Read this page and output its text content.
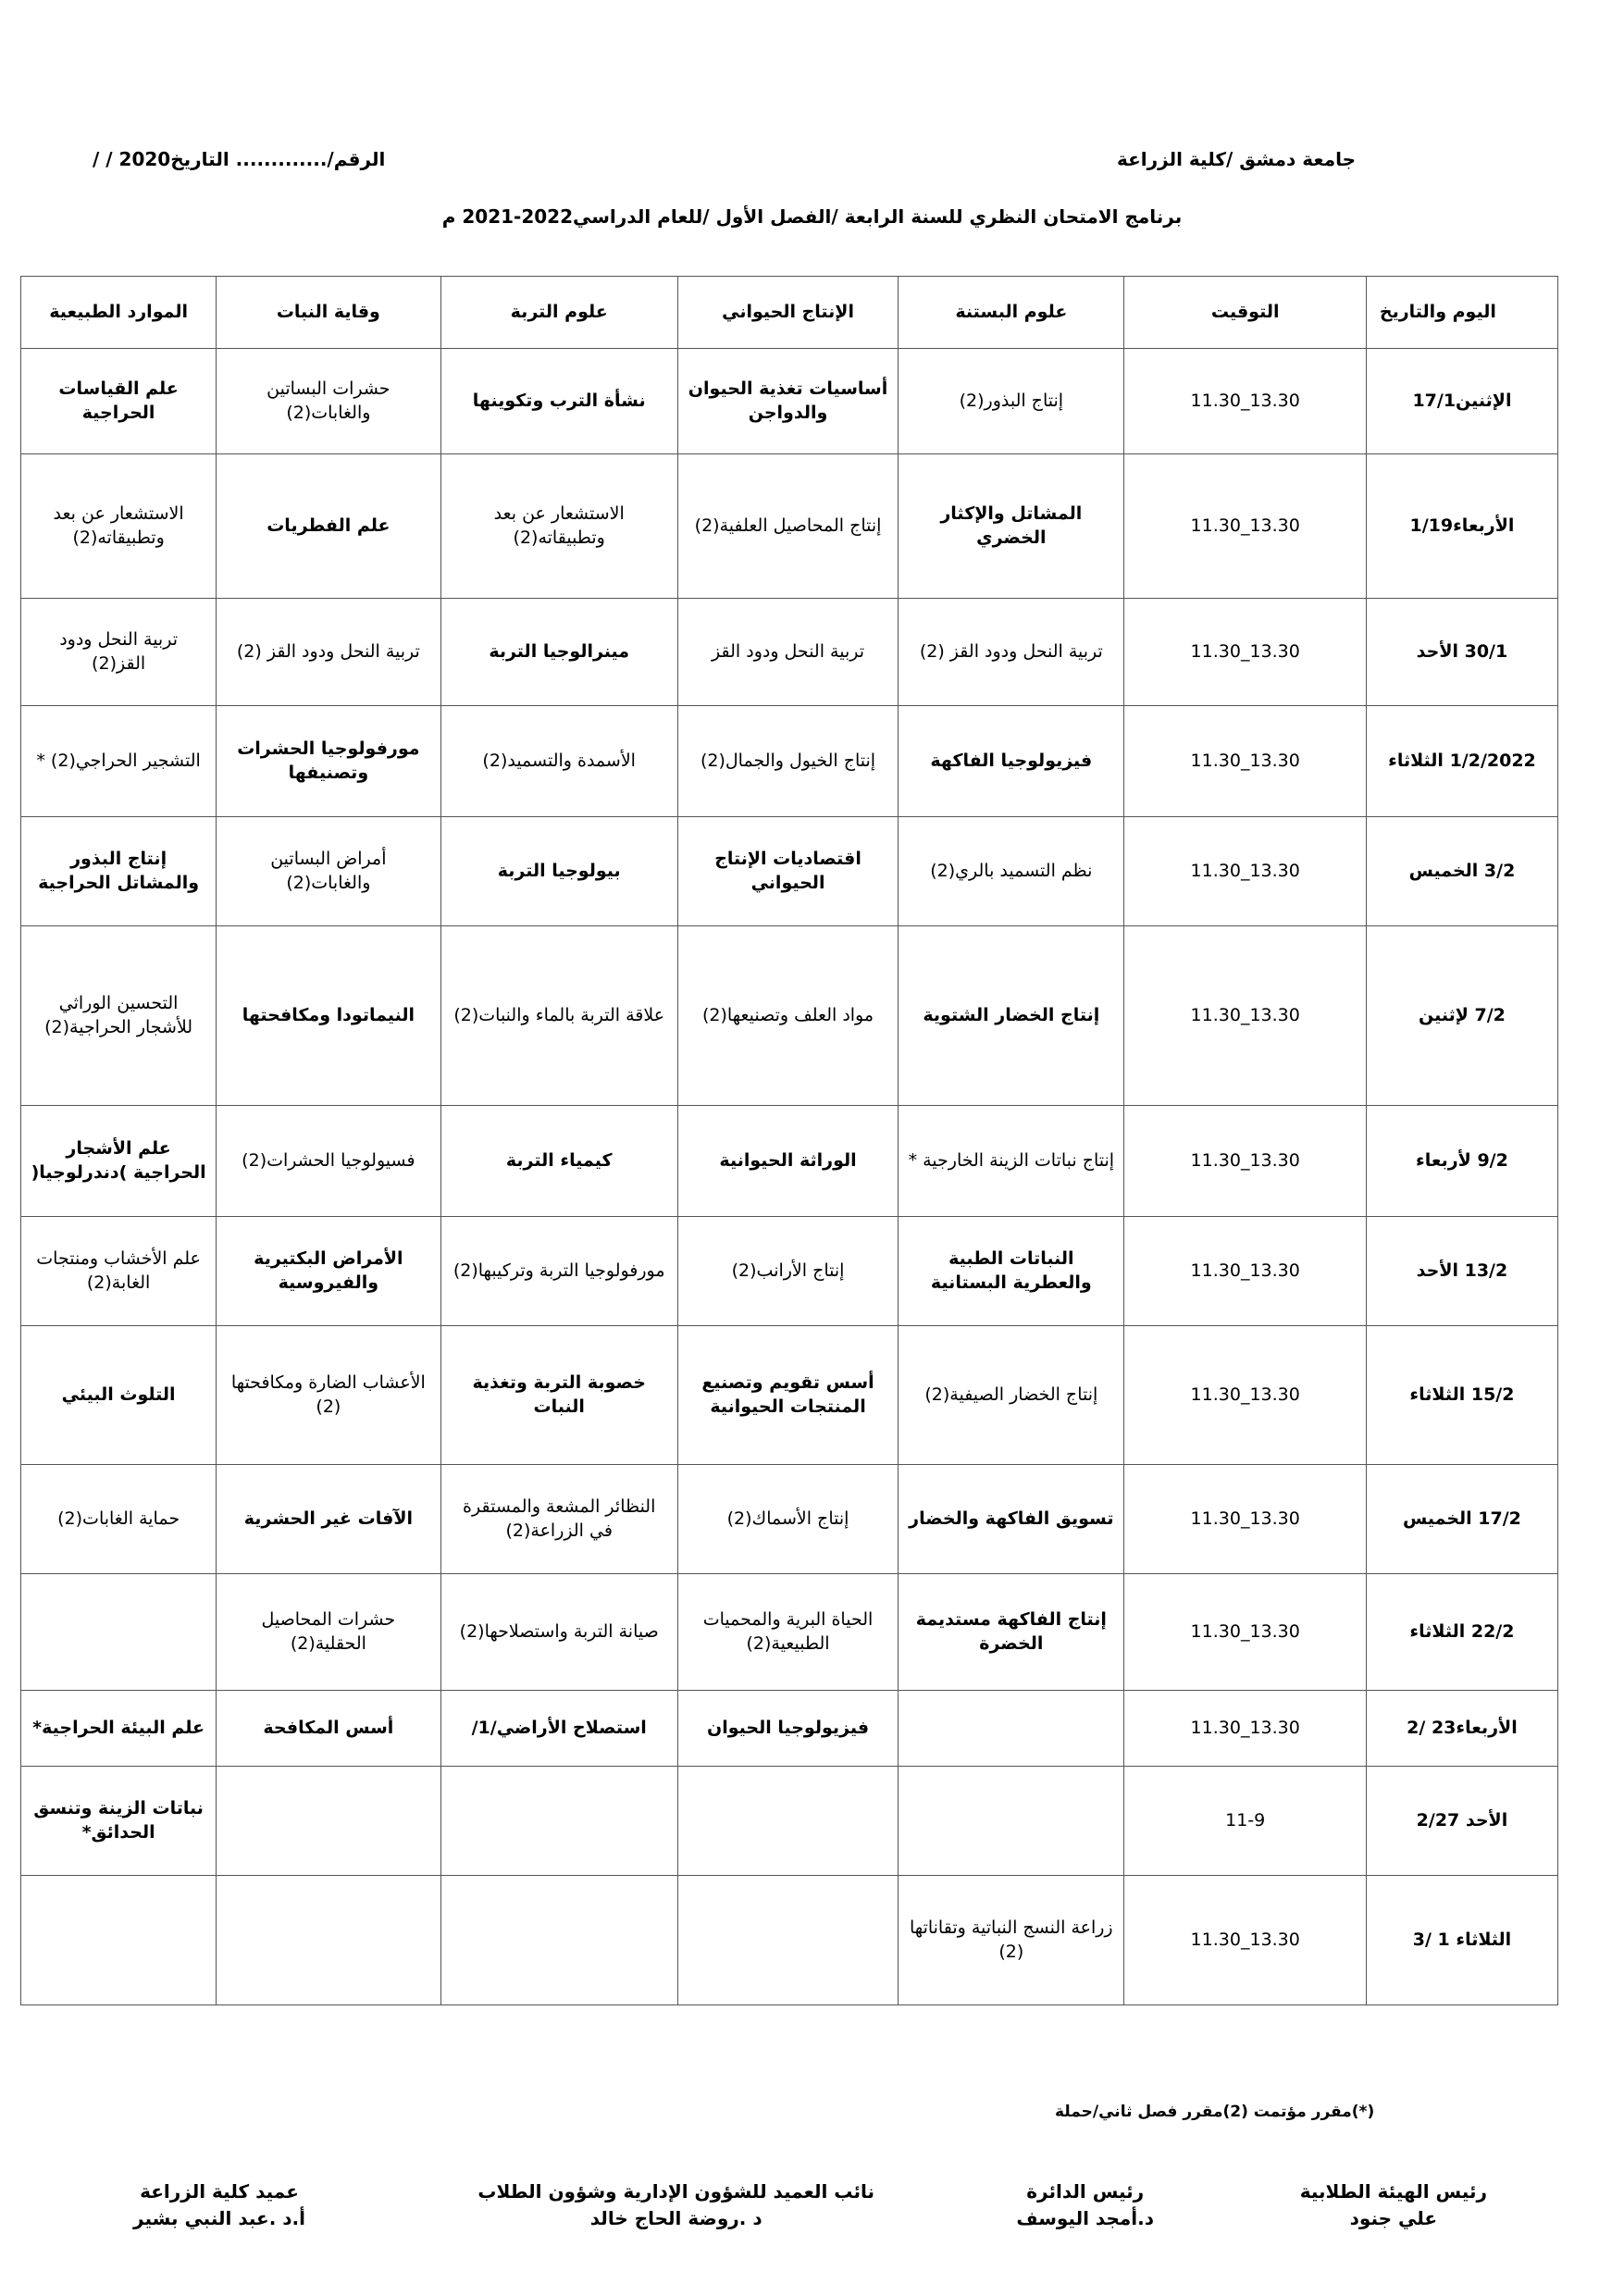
جامعة دمشق /كلية الزراعة
الرقم/............. التاريخ2020 / /
برنامج الامتحان النظري للسنة الرابعة /الفصل الأول /للعام الدراسي2022-2021 م
اليوم والتاريخ	التوقيت	علوم البستنة	الإنتاج الحيواني	علوم التربة	وقاية النبات	الموارد الطبيعية
الإثنين17/1	13.30_11.30	إنتاج البذور(2)	أساسيات تغذية الحيوان والدواجن	نشأة الترب وتكوينها	حشرات البساتين والغابات(2)	علم القياسات الحراجية
الأربعاء1/19	13.30_11.30	المشاتل والإكثار الخضري	إنتاج المحاصيل العلفية(2)	الاستشعار عن بعد وتطبيقاته(2)	علم الفطريات	الاستشعار عن بعد وتطبيقاته(2)
30/1 الأحد	13.30_11.30	تربية النحل ودود القز (2)	تربية النحل ودود القز	مينرالوجيا التربة	تربية النحل ودود القز (2)	تربية النحل ودود القز(2)
1/2/2022 الثلاثاء	13.30_11.30	فيزيولوجيا الفاكهة	إنتاج الخيول والجمال(2)	الأسمدة والتسميد(2)	مورفولوجيا الحشرات وتصنيفها	التشجير الحراجي(2) *
3/2 الخميس	13.30_11.30	نظم التسميد بالري(2)	اقتصاديات الإنتاج الحيواني	بيولوجيا التربة	أمراض البساتين والغابات(2)	إنتاج البذور والمشاتل الحراجية
7/2 لإثنين	13.30_11.30	إنتاج الخضار الشتوية	مواد العلف وتصنيعها(2)	علاقة التربة بالماء والنبات(2)	النيماتودا ومكافحتها	التحسين الوراثي للأشجار الحراجية(2)
9/2 لأربعاء	13.30_11.30	إنتاج نباتات الزينة الخارجية *	الوراثة الحيوانية	كيمياء التربة	فسيولوجيا الحشرات(2)	علم الأشجار الحراجية )دندرلوجيا(
13/2 الأحد	13.30_11.30	النباتات الطبية والعطرية البستانية	إنتاج الأرانب(2)	مورفولوجيا التربة وتركيبها(2)	الأمراض البكتيرية والفيروسية	علم الأخشاب ومنتجات الغابة(2)
15/2 الثلاثاء	13.30_11.30	إنتاج الخضار الصيفية(2)	أسس تقويم وتصنيع المنتجات الحيوانية	خصوبة التربة وتغذية النبات	الأعشاب الضارة ومكافحتها (2)	التلوث البيئي
17/2 الخميس	13.30_11.30	تسويق الفاكهة والخضار	إنتاج الأسماك(2)	النظائر المشعة والمستقرة في الزراعة(2)	الآفات غير الحشرية	حماية الغابات(2)
22/2 الثلاثاء	13.30_11.30	إنتاج الفاكهة مستديمة الخضرة	الحياة البرية والمحميات الطبيعية(2)	صيانة التربة واستصلاحها(2)	حشرات المحاصيل الحقلية(2)	
الأربعاء23 /2	13.30_11.30		فيزيولوجيا الحيوان	استصلاح الأراضي/1/	أسس المكافحة	علم البيئة الحراجية*
الأحد 2/27	11-9					نباتات الزينة وتنسق الحدائق*
الثلاثاء 1 /3	13.30_11.30	زراعة النسج النباتية وتقاناتها (2)				
(*)مقرر مؤتمت (2)مقرر فصل ثاني/حملة
رئيس الهيئة الطلابية
علي جنود
رئيس الدائرة
د.أمجد اليوسف
نائب العميد للشؤون الإدارية وشؤون الطلاب
د .روضة الحاج خالد
عميد كلية الزراعة
أ.د .عبد النبي بشير
